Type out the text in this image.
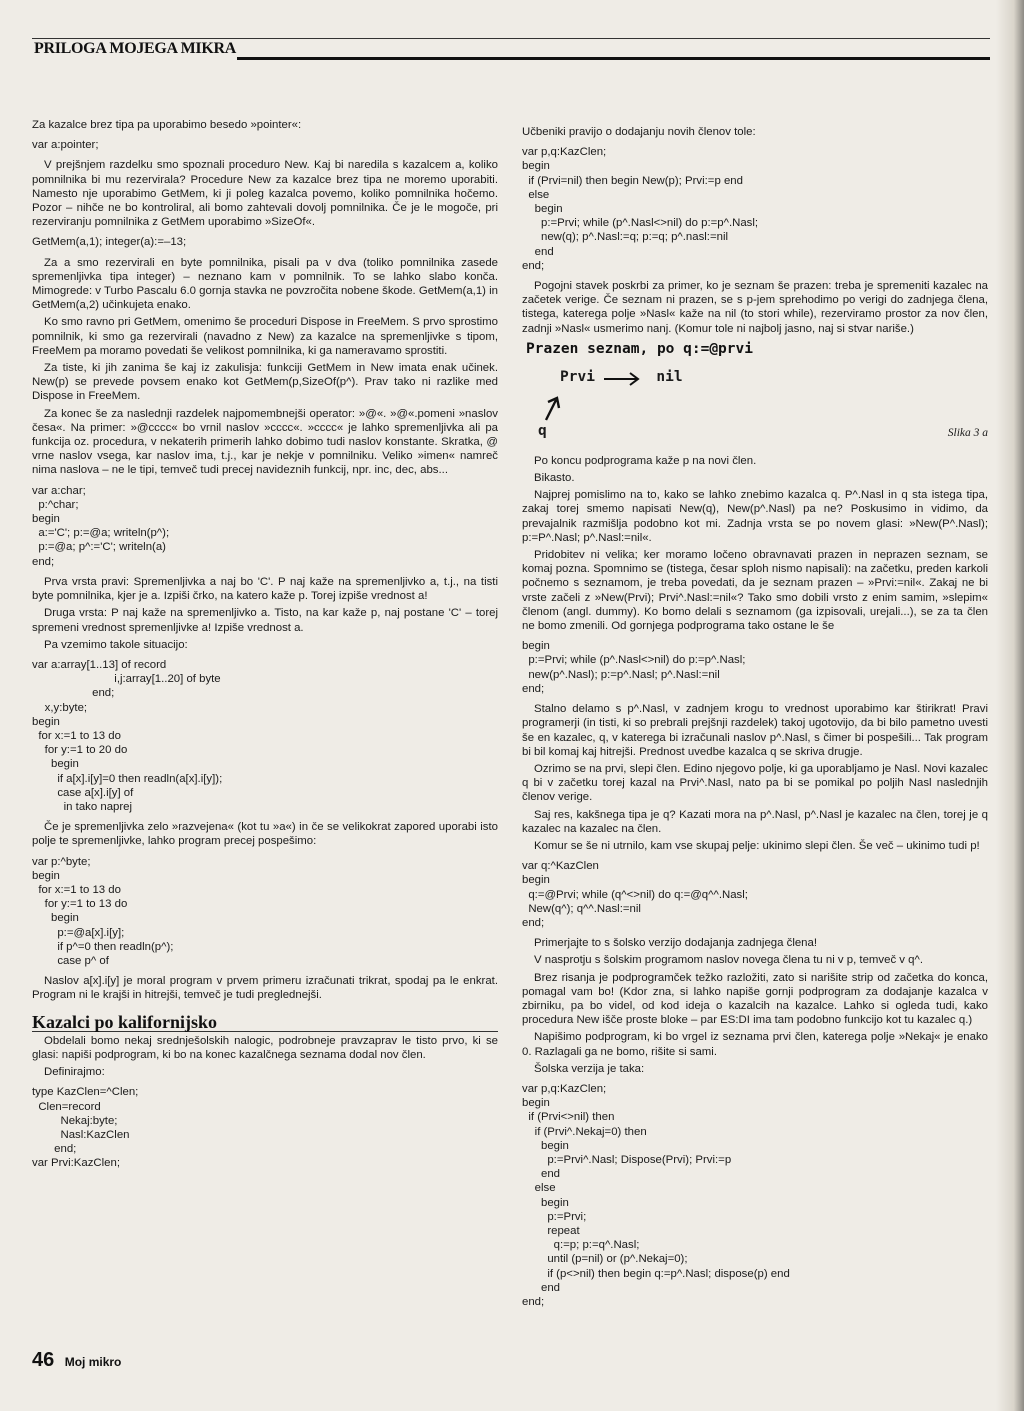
PRILOGA MOJEGA MIKRA

Za kazalce brez tipa pa uporabimo besedo »pointer«:

var a:pointer;

V prejšnjem razdelku smo spoznali proceduro New. Kaj bi naredila s kazalcem a, koliko pomnilnika bi mu rezervirala? Procedure New za kazalce brez tipa ne moremo uporabiti. Namesto nje uporabimo GetMem, ki ji poleg kazalca povemo, koliko pomnilnika hočemo. Pozor – nihče ne bo kontroliral, ali bomo zahtevali dovolj pomnilnika. Če je le mogoče, pri rezerviranju pomnilnika z GetMem uporabimo »SizeOf«.

GetMem(a,1); integer(a):=–13;

Za a smo rezervirali en byte pomnilnika, pisali pa v dva (toliko pomnilnika zasede spremenljivka tipa integer) – neznano kam v pomnilnik. To se lahko slabo konča. Mimogrede: v Turbo Pascalu 6.0 gornja stavka ne povzročita nobene škode. GetMem(a,1) in GetMem(a,2) učinkujeta enako.

Ko smo ravno pri GetMem, omenimo še proceduri Dispose in FreeMem. S prvo sprostimo pomnilnik, ki smo ga rezervirali (navadno z New) za kazalce na spremenljivke s tipom, FreeMem pa moramo povedati še velikost pomnilnika, ki ga nameravamo sprostiti.

Za tiste, ki jih zanima še kaj iz zakulisja: funkciji GetMem in New imata enak učinek. New(p) se prevede povsem enako kot GetMem(p,SizeOf(p^). Prav tako ni razlike med Dispose in FreeMem.

Za konec še za naslednji razdelek najpomembnejši operator: »@«. »@«.pomeni »naslov česa«. Na primer: »@cccc« bo vrnil naslov »cccc«. »cccc« je lahko spremenljivka ali pa funkcija oz. procedura, v nekaterih primerih lahko dobimo tudi naslov konstante. Skratka, @ vrne naslov vsega, kar naslov ima, t.j., kar je nekje v pomnilniku. Veliko »imen« namreč nima naslova – ne le tipi, temveč tudi precej navideznih funkcij, npr. inc, dec, abs...

var a:char;
p:^char;
begin
a:='C'; p:=@a; writeln(p^);
p:=@a; p^:='C'; writeln(a)
end;

Prva vrsta pravi: Spremenljivka a naj bo 'C'. P naj kaže na spremenljivko a, t.j., na tisti byte pomnilnika, kjer je a. Izpiši črko, na katero kaže p. Torej izpiše vrednost a!

Druga vrsta: P naj kaže na spremenljivko a. Tisto, na kar kaže p, naj postane 'C' – torej spremeni vrednost spremenljivke a! Izpiše vrednost a.

Pa vzemimo takole situacijo:

var a:array[1..13] of record
i,j:array[1..20] of byte
end;
x,y:byte;
begin
for x:=1 to 13 do
for y:=1 to 20 do
begin
if a[x].i[y]=0 then readln(a[x].i[y]);
case a[x].i[y] of
in tako naprej

Če je spremenljivka zelo »razvejena« (kot tu »a«) in če se velikokrat zapored uporabi isto polje te spremenljivke, lahko program precej pospešimo:

var p:^byte;
begin
for x:=1 to 13 do
for y:=1 to 13 do
begin
p:=@a[x].i[y];
if p^=0 then readln(p^);
case p^ of

Naslov a[x].i[y] je moral program v prvem primeru izračunati trikrat, spodaj pa le enkrat. Program ni le krajši in hitrejši, temveč je tudi preglednejši.

Kazalci po kalifornijsko

Obdelali bomo nekaj srednješolskih nalogic, podrobneje pravzaprav le tisto prvo, ki se glasi: napiši podprogram, ki bo na konec kazalčnega seznama dodal nov člen.

Definirajmo:

type KazClen=^Clen;
Clen=record
Nekaj:byte;
Nasl:KazClen
end;
var Prvi:KazClen;

Učbeniki pravijo o dodajanju novih členov tole:

var p,q:KazClen;
begin
if (Prvi=nil) then begin New(p); Prvi:=p end
else
begin
p:=Prvi; while (p^.Nasl<>nil) do p:=p^.Nasl;
new(q); p^.Nasl:=q; p:=q; p^.nasl:=nil
end
end;

Pogojni stavek poskrbi za primer, ko je seznam še prazen: treba je spremeniti kazalec na začetek verige. Če seznam ni prazen, se s p-jem sprehodimo po verigi do zadnjega člena, tistega, katerega polje »Nasl« kaže na nil (to stori while), rezerviramo prostor za nov člen, zadnji »Nasl« usmerimo nanj. (Komur tole ni najbolj jasno, naj si stvar nariše.)

Prazen seznam, po q:=@prvi
Prvi	nil
q	Slika 3 a

Po koncu podprograma kaže p na novi člen.

Bikasto.

Najprej pomislimo na to, kako se lahko znebimo kazalca q. P^.Nasl in q sta istega tipa, zakaj torej smemo napisati New(q), New(p^.Nasl) pa ne? Poskusimo in vidimo, da prevajalnik razmišlja podobno kot mi. Zadnja vrsta se po novem glasi: »New(P^.Nasl); p:=P^.Nasl; p^.Nasl:=nil«.

Pridobitev ni velika; ker moramo ločeno obravnavati prazen in neprazen seznam, se komaj pozna. Spomnimo se (tistega, česar sploh nismo napisali): na začetku, preden karkoli počnemo s seznamom, je treba povedati, da je seznam prazen – »Prvi:=nil«. Zakaj ne bi vrste začeli z »New(Prvi); Prvi^.Nasl:=nil«? Tako smo dobili vrsto z enim samim, »slepim« členom (angl. dummy). Ko bomo delali s seznamom (ga izpisovali, urejali...), se za ta člen ne bomo zmenili. Od gornjega podprograma tako ostane le še

begin
p:=Prvi; while (p^.Nasl<>nil) do p:=p^.Nasl;
new(p^.Nasl); p:=p^.Nasl; p^.Nasl:=nil
end;

Stalno delamo s p^.Nasl, v zadnjem krogu to vrednost uporabimo kar štirikrat! Pravi programerji (in tisti, ki so prebrali prejšnji razdelek) takoj ugotovijo, da bi bilo pametno uvesti še en kazalec, q, v katerega bi izračunali naslov p^.Nasl, s čimer bi pospešili... Tak program bi bil komaj kaj hitrejši. Prednost uvedbe kazalca q se skriva drugje.

Ozrimo se na prvi, slepi člen. Edino njegovo polje, ki ga uporabljamo je Nasl. Novi kazalec q bi v začetku torej kazal na Prvi^.Nasl, nato pa bi se pomikal po poljih Nasl naslednjih členov verige.

Saj res, kakšnega tipa je q? Kazati mora na p^.Nasl, p^.Nasl je kazalec na člen, torej je q kazalec na kazalec na člen.

Komur se še ni utrnilo, kam vse skupaj pelje: ukinimo slepi člen. Še več – ukinimo tudi p!

var q:^KazClen
begin
q:=@Prvi; while (q^<>nil) do q:=@q^^.Nasl;
New(q^); q^^.Nasl:=nil
end;

Primerjajte to s šolsko verzijo dodajanja zadnjega člena!

V nasprotju s šolskim programom naslov novega člena tu ni v p, temveč v q^.

Brez risanja je podprogramček težko razložiti, zato si narišite strip od začetka do konca, pomagal vam bo! (Kdor zna, si lahko napiše gornji podprogram za dodajanje kazalca v zbirniku, pa bo videl, od kod ideja o kazalcih na kazalce. Lahko si ogleda tudi, kako procedura New išče proste bloke – par ES:DI ima tam podobno funkcijo kot tu kazalec q.)

Napišimo podprogram, ki bo vrgel iz seznama prvi člen, katerega polje »Nekaj« je enako 0. Razlagali ga ne bomo, rišite si sami.

Šolska verzija je taka:

var p,q:KazClen;
begin
if (Prvi<>nil) then
if (Prvi^.Nekaj=0) then
begin
p:=Prvi^.Nasl; Dispose(Prvi); Prvi:=p
end
else
begin
p:=Prvi;
repeat
q:=p; p:=q^.Nasl;
until (p=nil) or (p^.Nekaj=0);
if (p<>nil) then begin q:=p^.Nasl; dispose(p) end
end
end;
46 Moj mikro
